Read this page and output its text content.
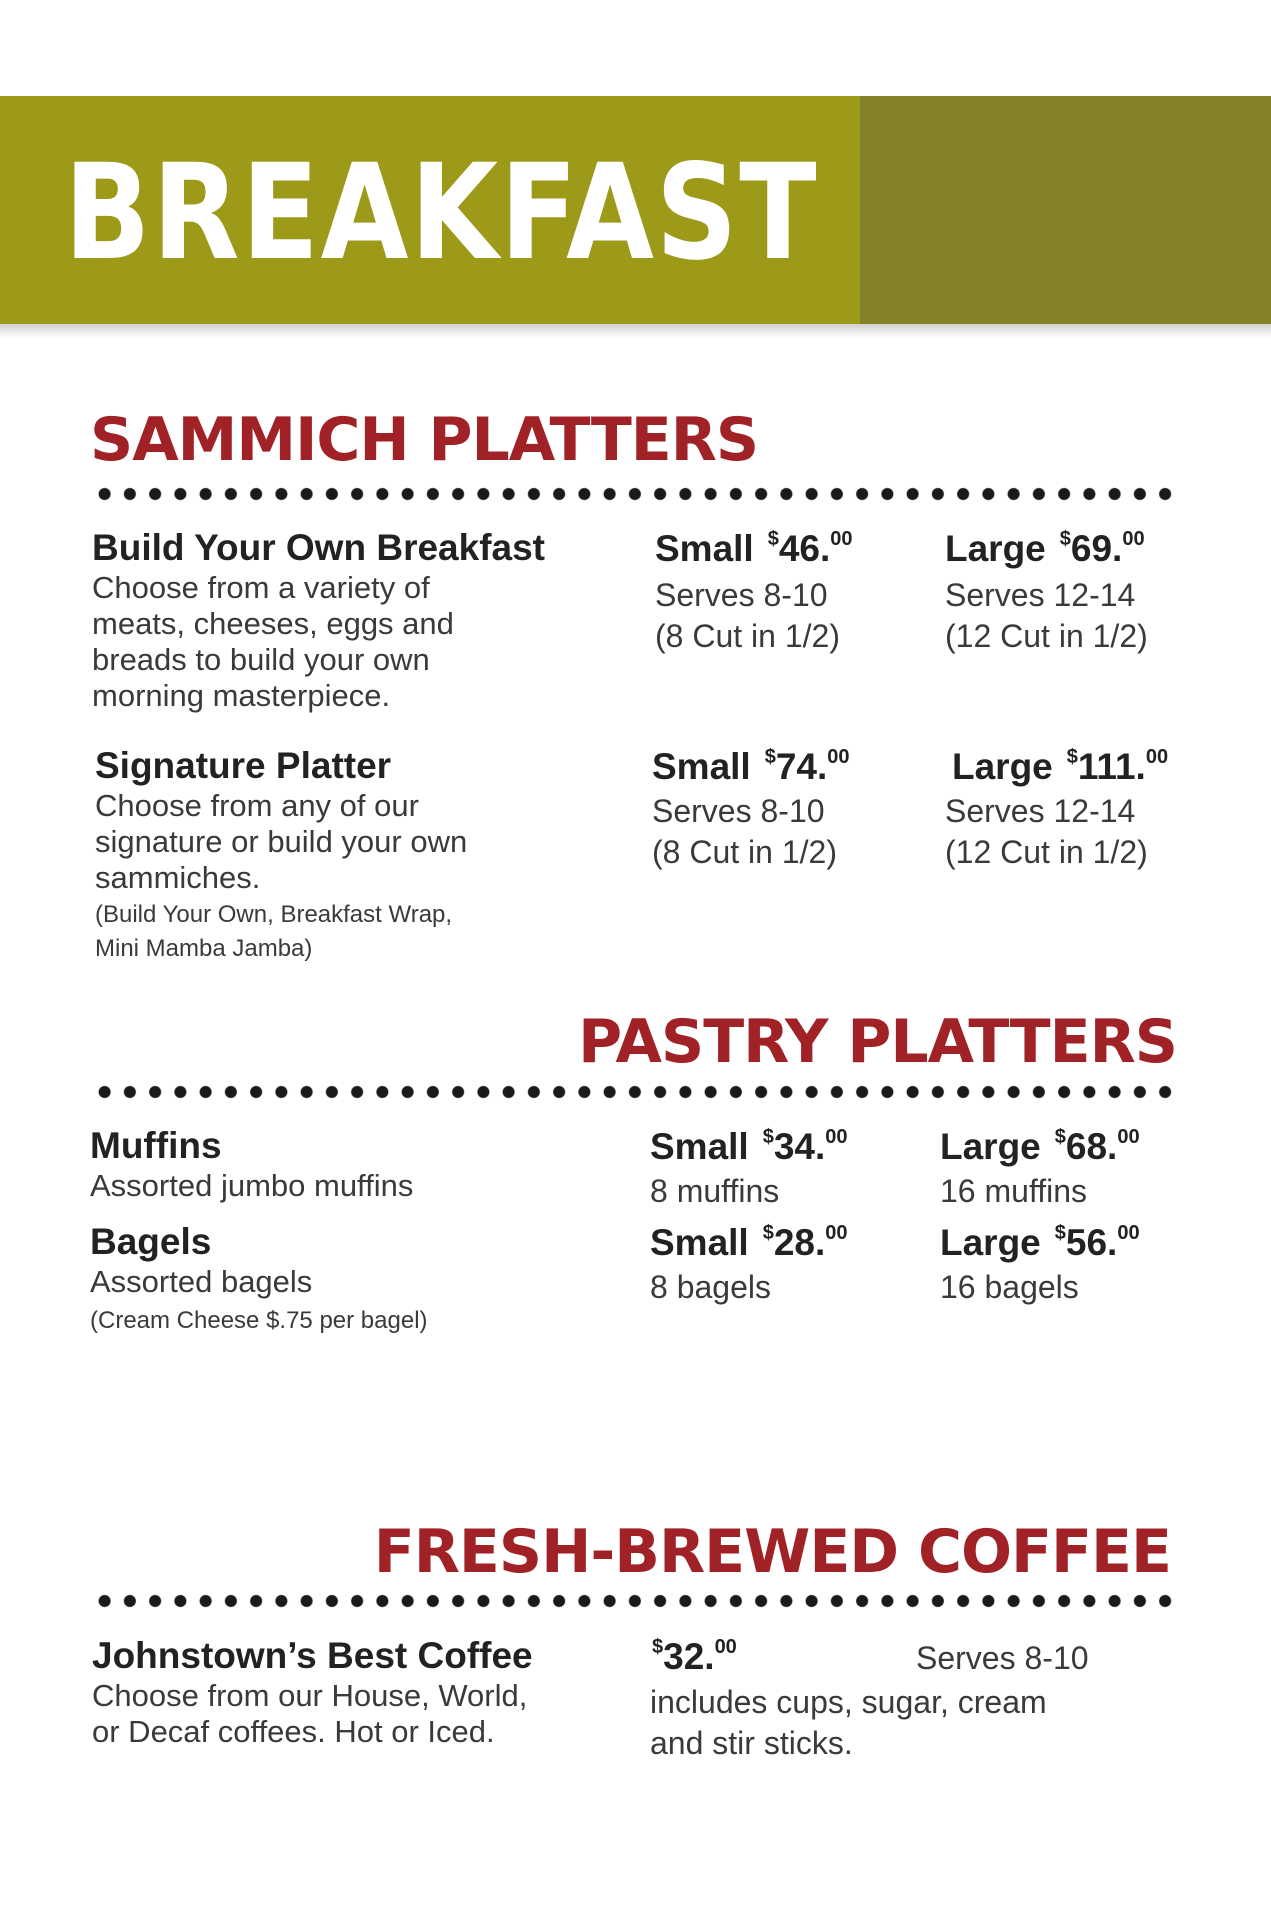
BREAKFAST
SAMMICH PLATTERS

Build Your Own Breakfast

Choose from a variety of
meats, cheeses, eggs and
breads to build your own
morning masterpiece.

Small $46.00

Serves 8-10
(8 Cut in 1/2)

Large $69.00

Serves 12-14
(12 Cut in 1/2)

Signature Platter

Choose from any of our
signature or build your own
sammiches.

(Build Your Own, Breakfast Wrap,
Mini Mamba Jamba)

Small $74.00

Serves 8-10
(8 Cut in 1/2)

Large $111.00

Serves 12-14
(12 Cut in 1/2)

PASTRY PLATTERS

Muffins

Assorted jumbo muffins

Small $34.00

8 muffins

Large $68.00

16 muffins

Bagels

Assorted bagels

(Cream Cheese $.75 per bagel)

Small $28.00

8 bagels

Large $56.00

16 bagels

FRESH-BREWED COFFEE

Johnstown’s Best Coffee

Choose from our House, World,
or Decaf coffees. Hot or Iced.

$32.00	Serves 8-10

includes cups, sugar, cream
and stir sticks.
